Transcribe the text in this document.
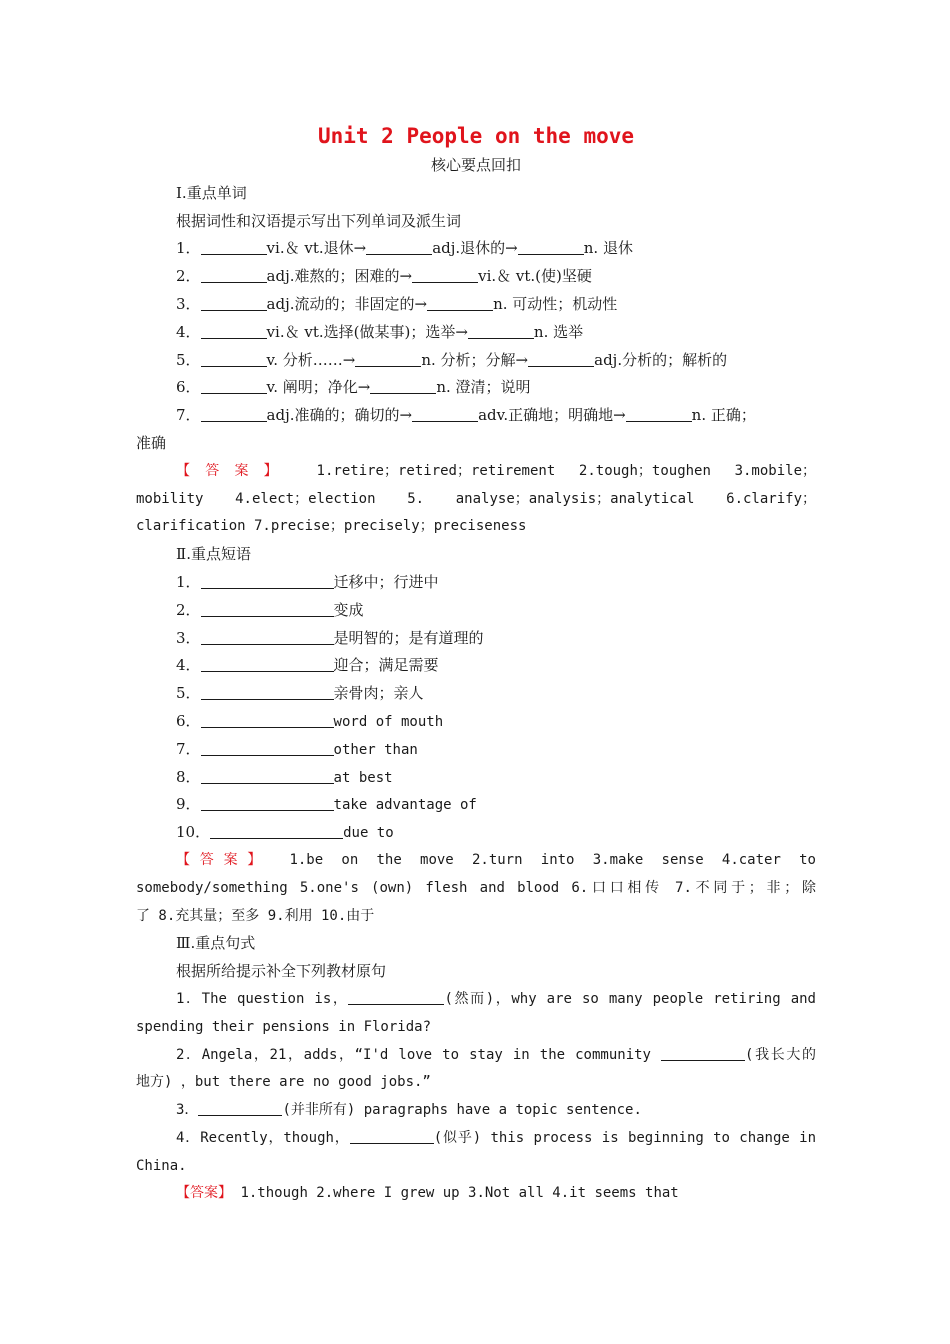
Unit 2 People on the move
核心要点回扣
Ⅰ.重点单词
根据词性和汉语提示写出下列单词及派生词
1．	vi.＆ vt.退休→	adj.退休的→	n. 退休
2．	adj.难熬的；困难的→	vi.＆ vt.(使)坚硬
3．	adj.流动的；非固定的→	n. 可动性；机动性
4．	vi.＆ vt.选择(做某事)；选举→	n. 选举
5．	v. 分析……→	n. 分析；分解→	adj.分析的；解析的
6．	v. 阐明；净化→	n. 澄清；说明
7．	adj.准确的；确切的→	adv.正确地；明确地→	n. 正确；
准确
【答案】 1.retire；retired；retirement 2.tough；toughen 3.mobile；
mobility 4.elect；election 5. analyse；analysis；analytical 6.clarify；
clarification 7.precise；precisely；preciseness
Ⅱ.重点短语
1．	迁移中；行进中
2．	变成
3．	是明智的；是有道理的
4．	迎合；满足需要
5．	亲骨肉；亲人
6．	word of mouth
7．	other than
8．	at best
9．	take advantage of
10．	due to
【答案】 1.be on the move 2.turn into 3.make sense 4.cater to
somebody/something 5.one's (own) flesh and blood 6.口口相传 7.不同于；非；除
了 8.充其量；至多 9.利用 10.由于
Ⅲ.重点句式
根据所给提示补全下列教材原句
1．The question is，	(然而)，why are so many people retiring and
spending their pensions in Florida?
2．Angela，21，adds，“I'd love to stay in the community	(我长大的
地方) ，but there are no good jobs.”
3．	(并非所有) paragraphs have a topic sentence.
4．Recently，though，	(似乎) this process is beginning to change in
China.
【答案】 1.though 2.where I grew up 3.Not all 4.it seems that
